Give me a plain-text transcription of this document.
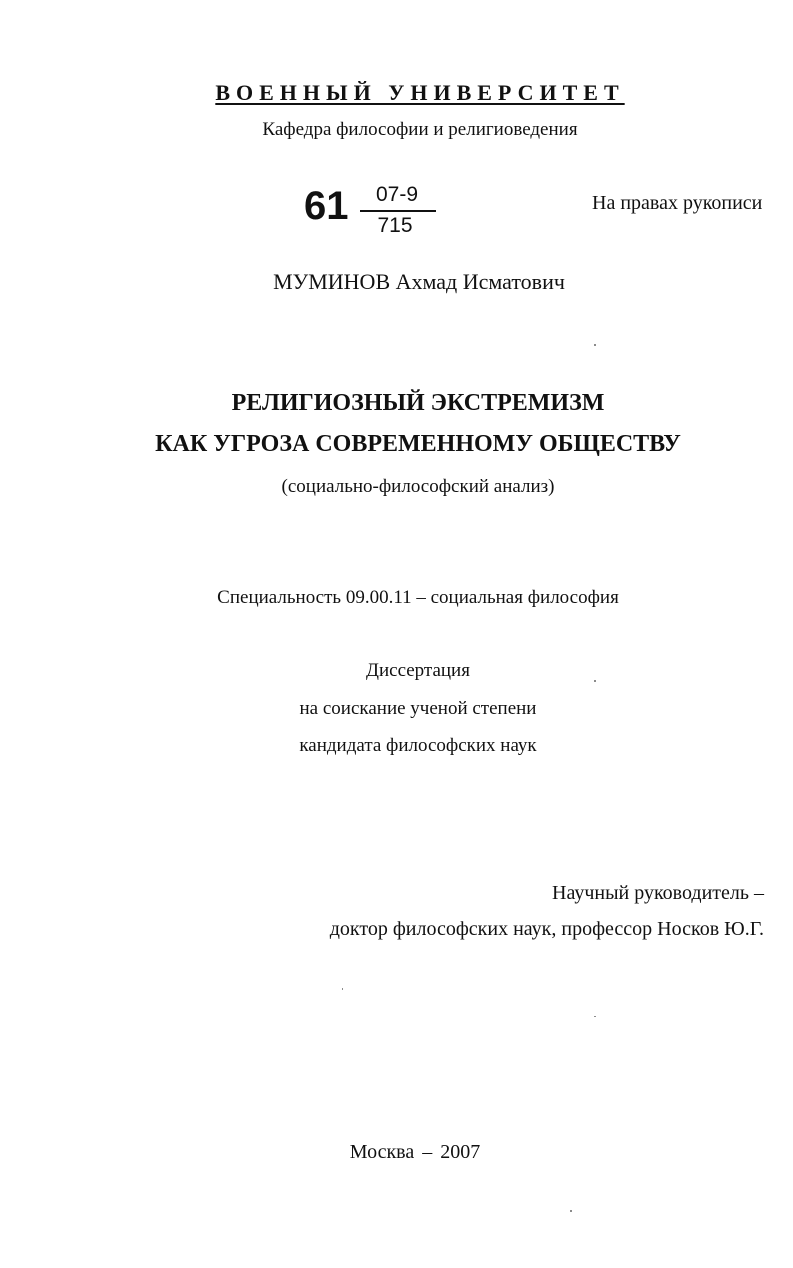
ВОЕННЫЙ УНИВЕРСИТЕТ
Кафедра философии и религиоведения
61 07-9
715
На правах рукописи
МУМИНОВ Ахмад Исматович
РЕЛИГИОЗНЫЙ ЭКСТРЕМИЗМ
КАК УГРОЗА СОВРЕМЕННОМУ ОБЩЕСТВУ
(социально-философский анализ)
Специальность 09.00.11 – социальная философия
Диссертация
на соискание ученой степени
кандидата философских наук
Научный руководитель –
доктор философских наук, профессор Носков Ю.Г.
Москва – 2007
